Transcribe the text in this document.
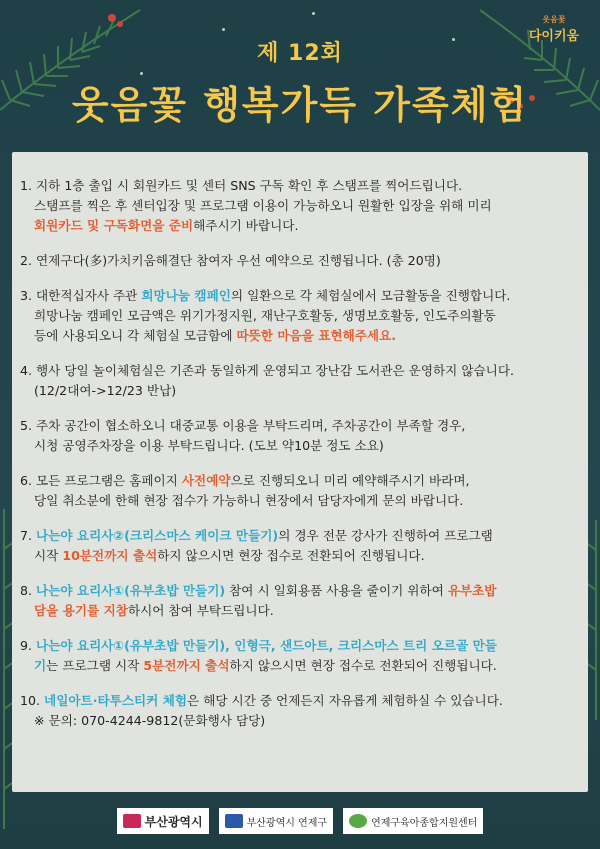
웃음꽃
다이키움
제 12회
웃음꽃 행복가득 가족체험
1. 지하 1층 출입 시 회원카드 및 센터 SNS 구독 확인 후 스탬프를 찍어드립니다.
스탬프를 찍은 후 센터입장 및 프로그램 이용이 가능하오니 원활한 입장을 위해 미리
회원카드 및 구독화면을 준비해주시기 바랍니다.
2. 연제구다(多)가치키움해결단 참여자 우선 예약으로 진행됩니다. (총 20명)
3. 대한적십자사 주관 희망나눔 캠페인의 일환으로 각 체험실에서 모금활동을 진행합니다.
희망나눔 캠페인 모금액은 위기가정지원, 재난구호활동, 생명보호활동, 인도주의활동
등에 사용되오니 각 체험실 모금함에 따뜻한 마음을 표현해주세요.
4. 행사 당일 놀이체험실은 기존과 동일하게 운영되고 장난감 도서관은 운영하지 않습니다.
(12/2대여->12/23 반납)
5. 주차 공간이 협소하오니 대중교통 이용을 부탁드리며, 주차공간이 부족할 경우,
시청 공영주차장을 이용 부탁드립니다. (도보 약10분 정도 소요)
6. 모든 프로그램은 홈페이지 사전예약으로 진행되오니 미리 예약해주시기 바라며,
당일 취소분에 한해 현장 접수가 가능하니 현장에서 담당자에게 문의 바랍니다.
7. 나는야 요리사②(크리스마스 케이크 만들기)의 경우 전문 강사가 진행하여 프로그램
시작 10분전까지 출석하지 않으시면 현장 접수로 전환되어 진행됩니다.
8. 나는야 요리사①(유부초밥 만들기) 참여 시 일회용품 사용을 줄이기 위하여 유부초밥
담을 용기를 지참하시어 참여 부탁드립니다.
9. 나는야 요리사①(유부초밥 만들기), 인형극, 샌드아트, 크리스마스 트리 오르골 만들
기는 프로그램 시작 5분전까지 출석하지 않으시면 현장 접수로 전환되어 진행됩니다.
10. 네일아트·타투스티커 체험은 해당 시간 중 언제든지 자유롭게 체험하실 수 있습니다.
※ 문의: 070-4244-9812(문화행사 담당)
부산광역시	부산광역시 연제구	연제구육아종합지원센터
